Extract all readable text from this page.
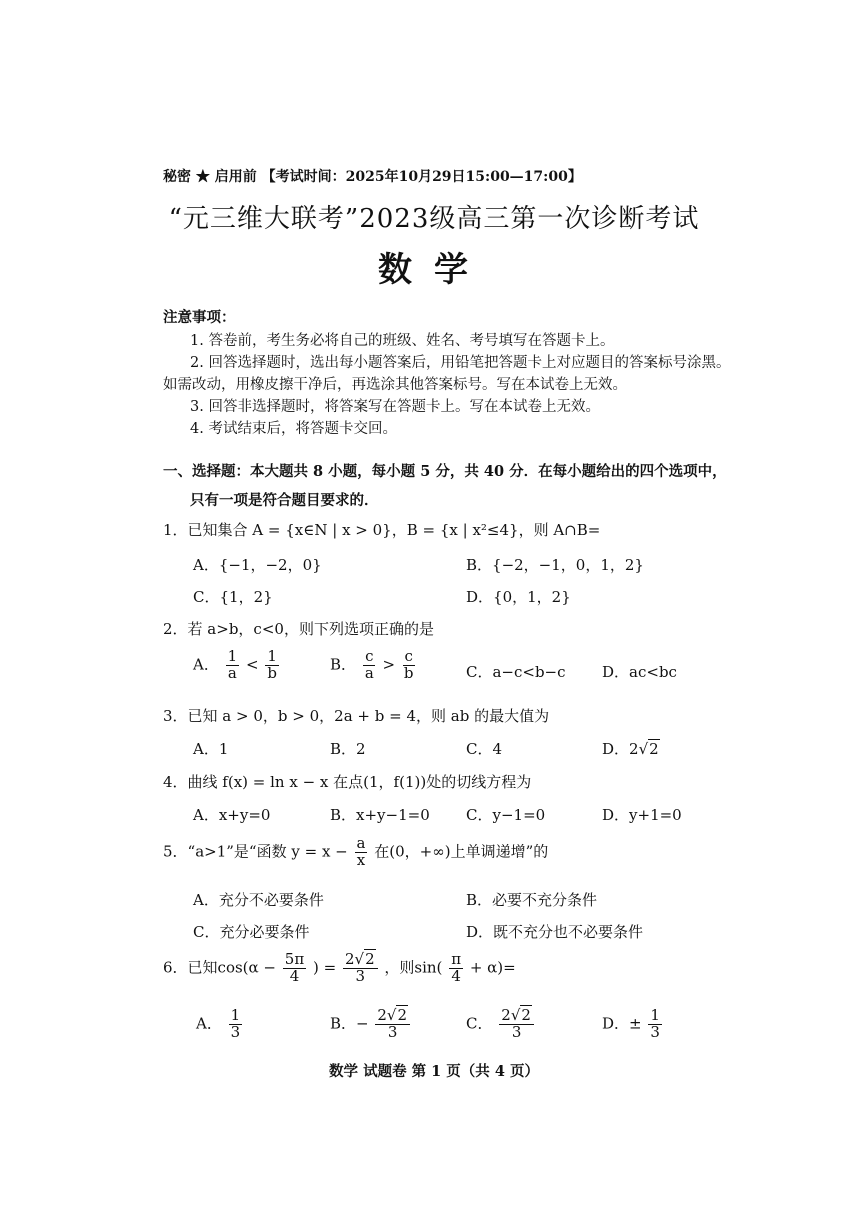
秘密 ★ 启用前 【考试时间：2025年10月29日15:00—17:00】
“元三维大联考”2023级高三第一次诊断考试
数学
注意事项：
1. 答卷前，考生务必将自己的班级、姓名、考号填写在答题卡上。
2. 回答选择题时，选出每小题答案后，用铅笔把答题卡上对应题目的答案标号涂黑。
如需改动，用橡皮擦干净后，再选涂其他答案标号。写在本试卷上无效。
3. 回答非选择题时，将答案写在答题卡上。写在本试卷上无效。
4. 考试结束后，将答题卡交回。
一、选择题：本大题共 8 小题，每小题 5 分，共 40 分．在每小题给出的四个选项中，
只有一项是符合题目要求的．
1．已知集合 A = {x∈N | x > 0}，B = {x | x²≤4}，则 A∩B=
A．{−1，−2，0}	B．{−2，−1，0，1，2}
C．{1，2}	D．{0，1，2}
2．若 a>b，c<0，则下列选项正确的是
A． $\frac{1}{a} < \frac{1}{b}$	B． $\frac{c}{a} > \frac{c}{b}$	C．a−c<b−c D．ac<bc
3．已知 a > 0，b > 0，2a + b = 4，则 ab 的最大值为
A．1	B．2	C．4	D．2√2
4．曲线 f(x) = ln x − x 在点(1，f(1))处的切线方程为
A．x+y=0	B．x+y−1=0 C．y−1=0	D．y+1=0
5．“a>1”是“函数 $y = x - \frac{a}{x}$ 在(0，+∞)上单调递增”的
A．充分不必要条件	B．必要不充分条件
C．充分必要条件	D．既不充分也不必要条件
6．已知$\cos(\alpha - \frac{5\pi}{4}$ ) = $\frac{2√2}{3}$ ，则$\sin( \frac{\pi}{4} + \alpha)=$
A． $\frac{1}{3}$	B．− $\frac{2√2}{3}$	C． $\frac{2√2}{3}$	D．± $\frac{1}{3}$
数学 试题卷 第 1 页（共 4 页）
